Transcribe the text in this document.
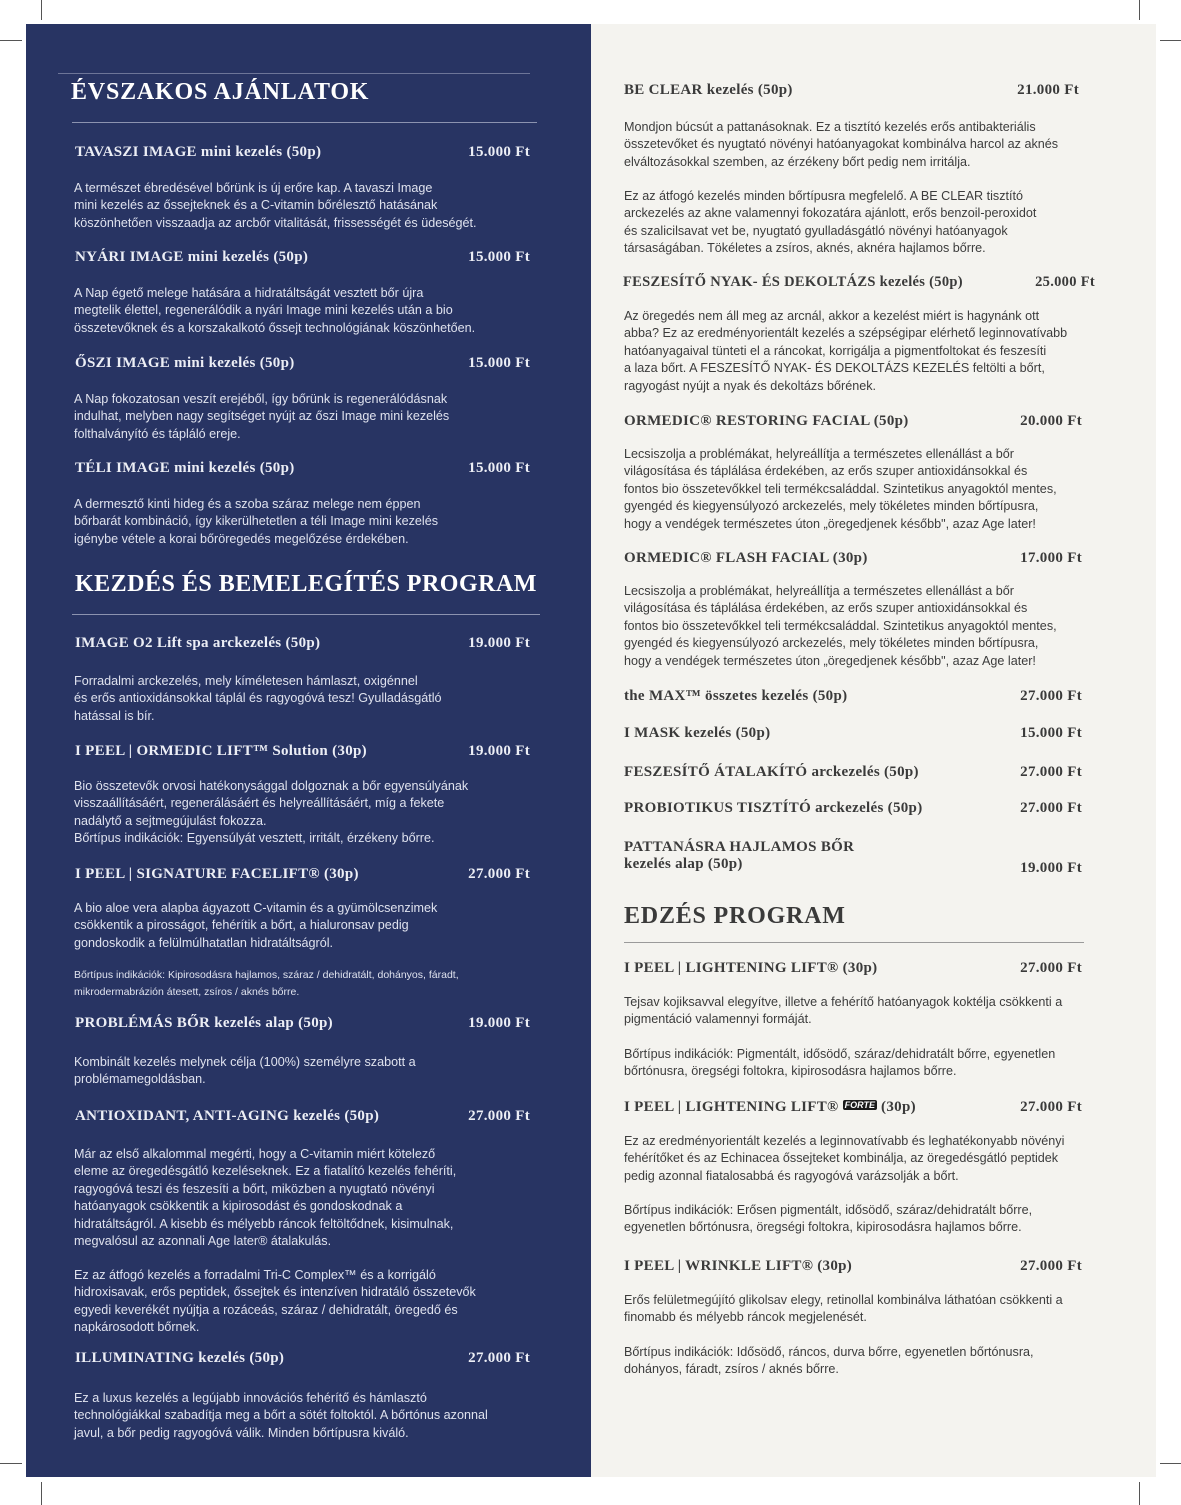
ÉVSZAKOS AJÁNLATOK
TAVASZI IMAGE mini kezelés (50p)	15.000 Ft
A természet ébredésével bőrünk is új erőre kap. A tavaszi Image
mini kezelés az őssejteknek és a C-vitamin bőrélesztő hatásának
köszönhetően visszaadja az arcbőr vitalitását, frissességét és üdeségét.
NYÁRI IMAGE mini kezelés (50p)	15.000 Ft
A Nap égető melege hatására a hidratáltságát vesztett bőr újra
megtelik élettel, regenerálódik a nyári Image mini kezelés után a bio
összetevőknek és a korszakalkotó őssejt technológiának köszönhetően.
ŐSZI IMAGE mini kezelés (50p)	15.000 Ft
A Nap fokozatosan veszít erejéből, így bőrünk is regenerálódásnak
indulhat, melyben nagy segítséget nyújt az őszi Image mini kezelés
folthalványító és tápláló ereje.
TÉLI IMAGE mini kezelés (50p)	15.000 Ft
A dermesztő kinti hideg és a szoba száraz melege nem éppen
bőrbarát kombináció, így kikerülhetetlen a téli Image mini kezelés
igénybe vétele a korai bőröregedés megelőzése érdekében.
KEZDÉS ÉS BEMELEGÍTÉS PROGRAM
IMAGE O2 Lift spa arckezelés (50p)	19.000 Ft
Forradalmi arckezelés, mely kíméletesen hámlaszt, oxigénnel
és erős antioxidánsokkal táplál és ragyogóvá tesz! Gyulladásgátló
hatással is bír.
I PEEL | ORMEDIC LIFT™ Solution (30p)	19.000 Ft
Bio összetevők orvosi hatékonysággal dolgoznak a bőr egyensúlyának
visszaállításáért, regenerálásáért és helyreállításáért, míg a fekete
nadálytő a sejtmegújulást fokozza.
Bőrtípus indikációk: Egyensúlyát vesztett, irritált, érzékeny bőrre.
I PEEL | SIGNATURE FACELIFT® (30p)	27.000 Ft
A bio aloe vera alapba ágyazott C-vitamin és a gyümölcsenzimek
csökkentik a pirosságot, fehérítik a bőrt, a hialuronsav pedig
gondoskodik a felülmúlhatatlan hidratáltságról.
Bőrtípus indikációk: Kipirosodásra hajlamos, száraz / dehidratált, dohányos, fáradt,
mikrodermabrázión átesett, zsíros / aknés bőrre.
PROBLÉMÁS BŐR kezelés alap (50p)	19.000 Ft
Kombinált kezelés melynek célja (100%) személyre szabott a
problémamegoldásban.
ANTIOXIDANT, ANTI-AGING kezelés (50p)	27.000 Ft
Már az első alkalommal megérti, hogy a C-vitamin miért kötelező
eleme az öregedésgátló kezeléseknek. Ez a fiatalító kezelés fehéríti,
ragyogóvá teszi és feszesíti a bőrt, miközben a nyugtató növényi
hatóanyagok csökkentik a kipirosodást és gondoskodnak a
hidratáltságról. A kisebb és mélyebb ráncok feltöltődnek, kisimulnak,
megvalósul az azonnali Age later® átalakulás.
Ez az átfogó kezelés a forradalmi Tri-C Complex™ és a korrigáló
hidroxisavak, erős peptidek, őssejtek és intenzíven hidratáló összetevők
egyedi keverékét nyújtja a rozáceás, száraz / dehidratált, öregedő és
napkárosodott bőrnek.
ILLUMINATING kezelés (50p)	27.000 Ft
Ez a luxus kezelés a legújabb innovációs fehérítő és hámlasztó
technológiákkal szabadítja meg a bőrt a sötét foltoktól. A bőrtónus azonnal
javul, a bőr pedig ragyogóvá válik. Minden bőrtípusra kiváló.
BE CLEAR kezelés (50p)	21.000 Ft
Mondjon búcsút a pattanásoknak. Ez a tisztító kezelés erős antibakteriális
összetevőket és nyugtató növényi hatóanyagokat kombinálva harcol az aknés
elváltozásokkal szemben, az érzékeny bőrt pedig nem irritálja.
Ez az átfogó kezelés minden bőrtípusra megfelelő. A BE CLEAR tisztító
arckezelés az akne valamennyi fokozatára ajánlott, erős benzoil-peroxidot
és szalicilsavat vet be, nyugtató gyulladásgátló növényi hatóanyagok
társaságában. Tökéletes a zsíros, aknés, aknéra hajlamos bőrre.
FESZESÍTŐ NYAK- ÉS DEKOLTÁZS kezelés (50p)	25.000 Ft
Az öregedés nem áll meg az arcnál, akkor a kezelést miért is hagynánk ott
abba? Ez az eredményorientált kezelés a szépségipar elérhető leginnovatívabb
hatóanyagaival tünteti el a ráncokat, korrigálja a pigmentfoltokat és feszesíti
a laza bőrt. A FESZESÍTŐ NYAK- ÉS DEKOLTÁZS KEZELÉS feltölti a bőrt,
ragyogást nyújt a nyak és dekoltázs bőrének.
ORMEDIC® RESTORING FACIAL (50p)	20.000 Ft
Lecsiszolja a problémákat, helyreállítja a természetes ellenállást a bőr
világosítása és táplálása érdekében, az erős szuper antioxidánsokkal és
fontos bio összetevőkkel teli termékcsaláddal. Szintetikus anyagoktól mentes,
gyengéd és kiegyensúlyozó arckezelés, mely tökéletes minden bőrtípusra,
hogy a vendégek természetes úton „öregedjenek később", azaz Age later!
ORMEDIC® FLASH FACIAL (30p)	17.000 Ft
Lecsiszolja a problémákat, helyreállítja a természetes ellenállást a bőr
világosítása és táplálása érdekében, az erős szuper antioxidánsokkal és
fontos bio összetevőkkel teli termékcsaláddal. Szintetikus anyagoktól mentes,
gyengéd és kiegyensúlyozó arckezelés, mely tökéletes minden bőrtípusra,
hogy a vendégek természetes úton „öregedjenek később", azaz Age later!
the MAX™ összetes kezelés (50p)	27.000 Ft
I MASK kezelés (50p)	15.000 Ft
FESZESÍTŐ ÁTALAKÍTÓ arckezelés (50p)	27.000 Ft
PROBIOTIKUS TISZTÍTÓ arckezelés (50p)	27.000 Ft
PATTANÁSRA HAJLAMOS BŐR
kezelés alap (50p)	19.000 Ft
EDZÉS PROGRAM
I PEEL | LIGHTENING LIFT® (30p)	27.000 Ft
Tejsav kojiksavval elegyítve, illetve a fehérítő hatóanyagok koktélja csökkenti a
pigmentáció valamennyi formáját.
Bőrtípus indikációk: Pigmentált, idősödő, száraz/dehidratált bőrre, egyenetlen
bőrtónusra, öregségi foltokra, kipirosodásra hajlamos bőrre.
I PEEL | LIGHTENING LIFT® FORTE (30p)	27.000 Ft
Ez az eredményorientált kezelés a leginnovatívabb és leghatékonyabb növényi
fehérítőket és az Echinacea őssejteket kombinálja, az öregedésgátló peptidek
pedig azonnal fiatalosabbá és ragyogóvá varázsolják a bőrt.
Bőrtípus indikációk: Erősen pigmentált, idősödő, száraz/dehidratált bőrre,
egyenetlen bőrtónusra, öregségi foltokra, kipirosodásra hajlamos bőrre.
I PEEL | WRINKLE LIFT® (30p)	27.000 Ft
Erős felületmegújító glikolsav elegy, retinollal kombinálva láthatóan csökkenti a
finomabb és mélyebb ráncok megjelenését.
Bőrtípus indikációk: Idősödő, ráncos, durva bőrre, egyenetlen bőrtónusra,
dohányos, fáradt, zsíros / aknés bőrre.
